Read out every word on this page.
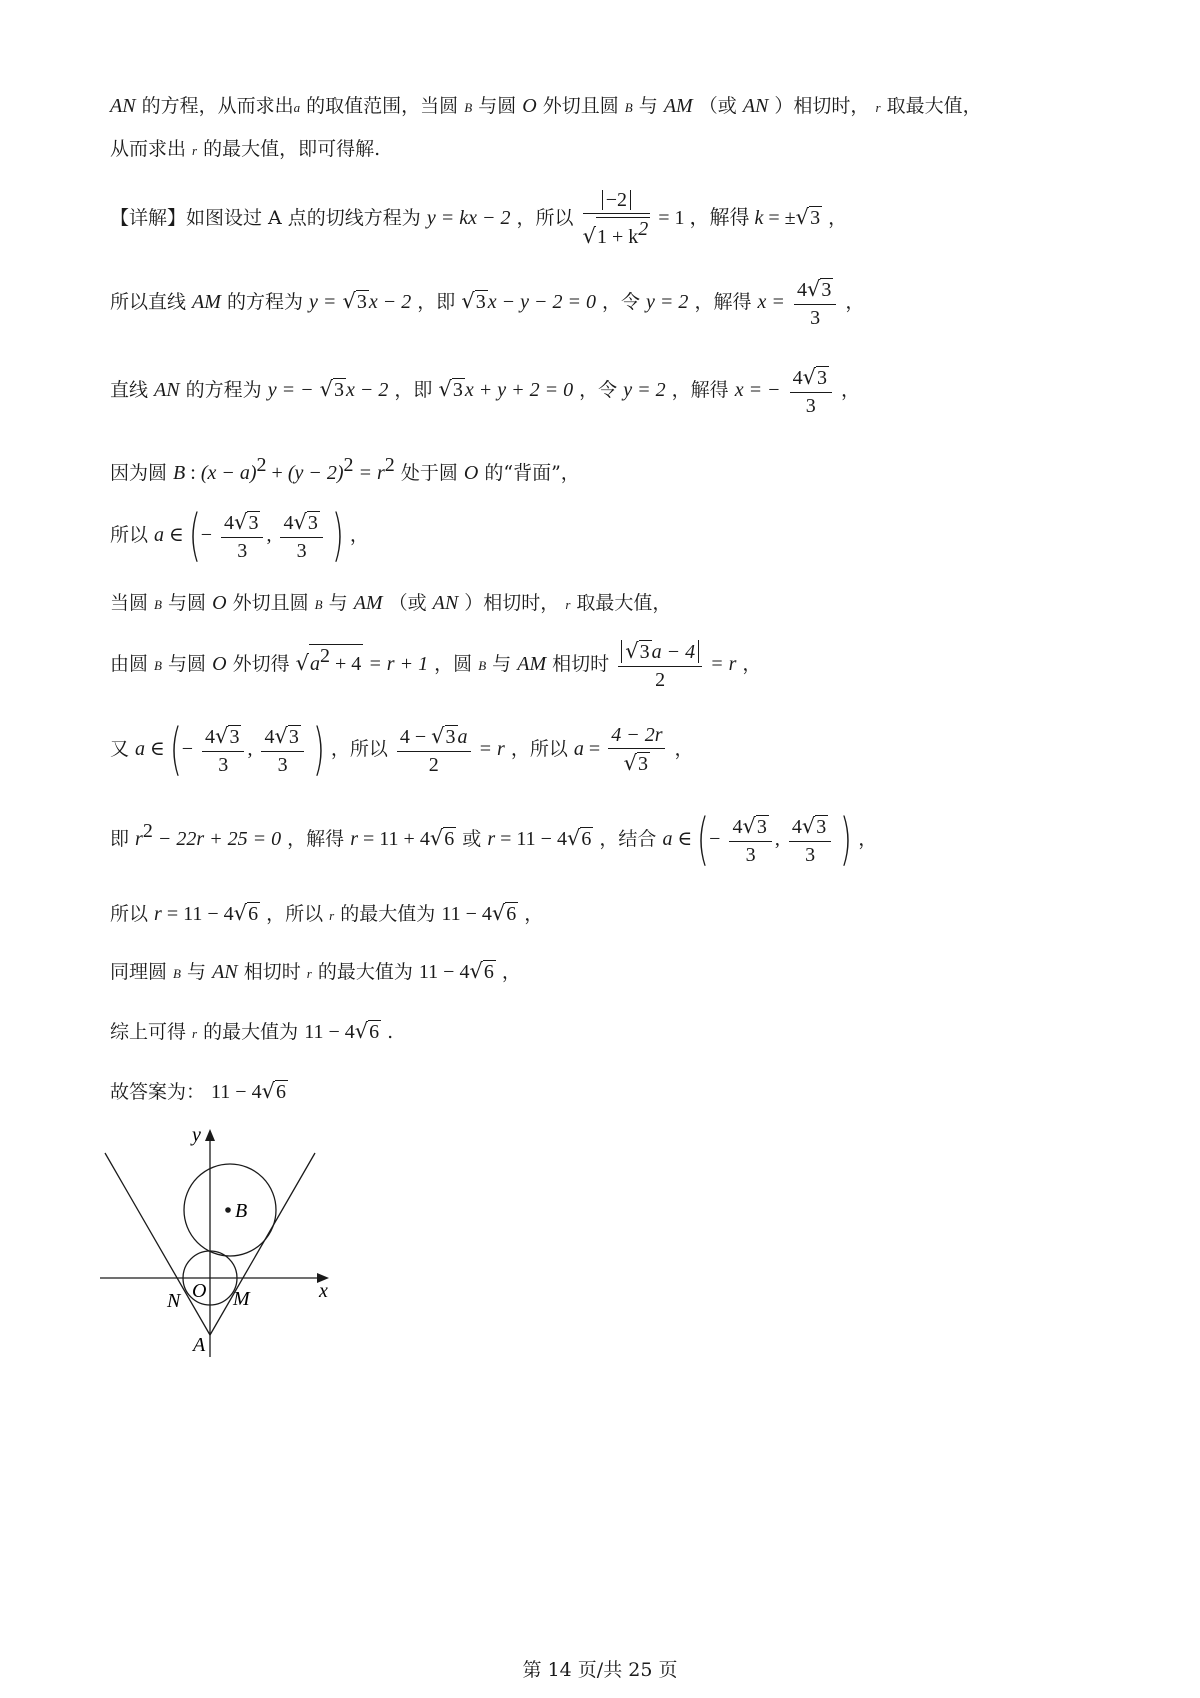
AN 的方程，从而求出a 的取值范围，当圆 B 与圆 O 外切且圆 B 与 AM （或 AN ）相切时， r 取最大值，
从而求出 r 的最大值，即可得解.
【详解】如图设过 A 点的切线方程为 y = kx − 2 ，所以 $\frac{-2}{√1 + k^2} = 1$ ，解得 k = ±√3 ，
所以直线 AM 的方程为 y = √3 x − 2 ，即 √3 x − y − 2 = 0 ，令 y = 2 ，解得 $x = \frac{4√3}{3}$ ，
直线 AN 的方程为 y = − √3 x − 2 ，即 √3 x + y + 2 = 0 ，令 y = 2 ，解得 x = − $\frac{4√3}{3}$ ，
因为圆 B : $(x - a)^2 + (y - 2)^2 = r^2$ 处于圆 O 的“背面”，
所以 a ∈ (− $\frac{4√3}{3}$ , $\frac{4√3}{3}$ ) ，
当圆 B 与圆 O 外切且圆 B 与 AM （或 AN ）相切时， r 取最大值，
由圆 B 与圆 O 外切得 $√a^2 + 4 = r + 1$ ，圆 B 与 AM 相切时 $\frac{√3 a - 4}{2} = r$ ，
又 a ∈ (− $\frac{4√3}{3}$ , $\frac{4√3}{3}$ ) ，所以 $\frac{4 - √3 a}{2} = r$ ，所以 $a = \frac{4 - 2r}{√3}$ ，
即 $r^2 - 22r + 25 = 0$ ，解得 r = 11 + 4√6 或 r = 11 − 4√6 ，结合 a ∈ (− $\frac{4√3}{3}$ , $\frac{4√3}{3}$ ) ，
所以 r = 11 − 4√6 ，所以 r 的最大值为 11 − 4√6 ，
同理圆 B 与 AN 相切时 r 的最大值为 11 − 4√6 ，
综上可得 r 的最大值为 11 − 4√6 .
故答案为： 11 − 4√6
y
x
B
O
N	M
A
第 14 页/共 25 页
